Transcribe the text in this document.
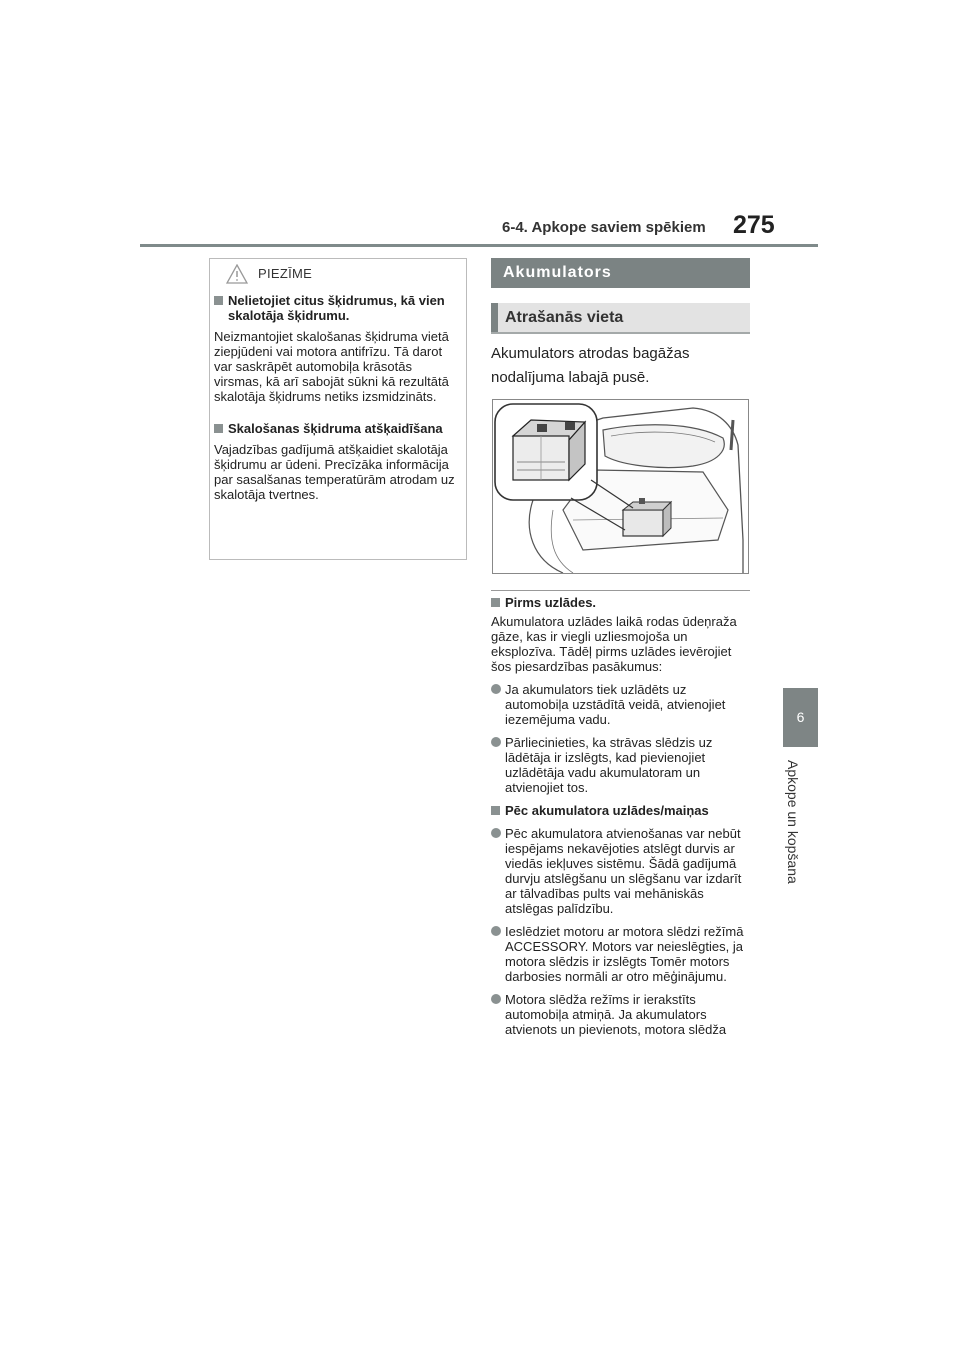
6-4. Apkope saviem spēkiem 275
6
Apkope un kopšana
PIEZĪME

Nelietojiet citus šķidrumus, kā vien skalotāja šķidrumu.

Neizmantojiet skalošanas šķidruma vietā ziepjūdeni vai motora antifrīzu. Tā darot var saskrāpēt automobiļa krāsotās virsmas, kā arī sabojāt sūkni kā rezultātā skalotāja šķidrums netiks izsmidzināts.

Skalošanas šķidruma atšķaidīšana

Vajadzības gadījumā atšķaidiet skalotāja šķidrumu ar ūdeni. Precīzāka informācija par sasalšanas temperatūrām atrodam uz skalotāja tvertnes.

Akumulators
Atrašanās vieta
Akumulators atrodas bagāžas nodalījuma labajā pusē.

Pirms uzlādes.

Akumulatora uzlādes laikā rodas ūdeņraža gāze, kas ir viegli uzliesmojoša un eksplozīva. Tādēļ pirms uzlādes ievērojiet šos piesardzības pasākumus:

Ja akumulators tiek uzlādēts uz automobiļa uzstādītā veidā, atvienojiet iezemējuma vadu.
Pārliecinieties, ka strāvas slēdzis uz lādētāja ir izslēgts, kad pievienojiet uzlādētāja vadu akumulatoram un atvienojiet tos.

Pēc akumulatora uzlādes/maiņas

Pēc akumulatora atvienošanas var nebūt iespējams nekavējoties atslēgt durvis ar viedās iekļuves sistēmu. Šādā gadījumā durvju atslēgšanu un slēgšanu var izdarīt ar tālvadības pults vai mehāniskās atslēgas palīdzību.
Ieslēdziet motoru ar motora slēdzi režīmā ACCESSORY. Motors var neieslēgties, ja motora slēdzis ir izslēgts Tomēr motors darbosies normāli ar otro mēģinājumu.
Motora slēdža režīms ir ierakstīts automobiļa atmiņā. Ja akumulators atvienots un pievienots, motora slēdža
